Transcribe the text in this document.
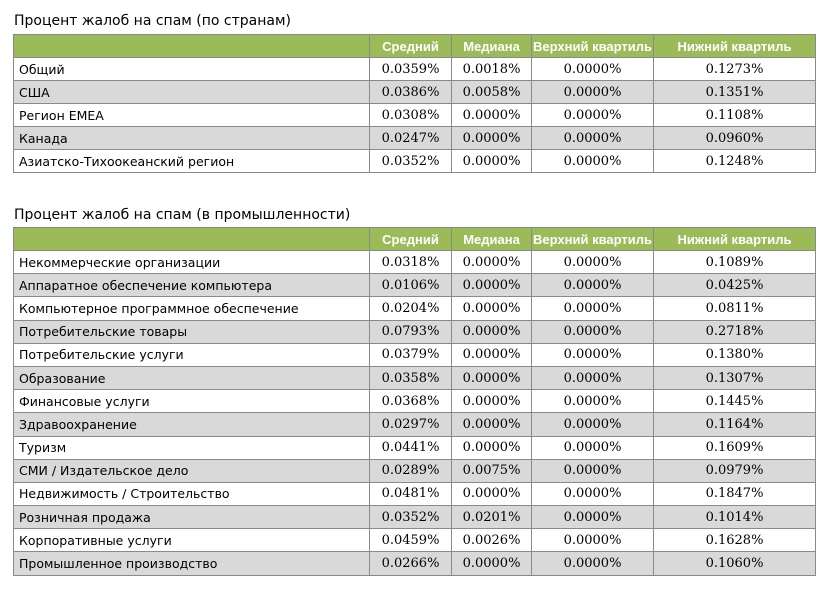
Процент жалоб на спам (по странам)
	Средний	Медиана	Верхний квартиль	Нижний квартиль
Общий	0.0359%	0.0018%	0.0000%	0.1273%
США	0.0386%	0.0058%	0.0000%	0.1351%
Регион EMEA	0.0308%	0.0000%	0.0000%	0.1108%
Канада	0.0247%	0.0000%	0.0000%	0.0960%
Азиатско-Тихоокеанский регион	0.0352%	0.0000%	0.0000%	0.1248%
Процент жалоб на спам (в промышленности)
	Средний	Медиана	Верхний квартиль	Нижний квартиль
Некоммерческие организации	0.0318%	0.0000%	0.0000%	0.1089%
Аппаратное обеспечение компьютера	0.0106%	0.0000%	0.0000%	0.0425%
Компьютерное программное обеспечение	0.0204%	0.0000%	0.0000%	0.0811%
Потребительские товары	0.0793%	0.0000%	0.0000%	0.2718%
Потребительские услуги	0.0379%	0.0000%	0.0000%	0.1380%
Образование	0.0358%	0.0000%	0.0000%	0.1307%
Финансовые услуги	0.0368%	0.0000%	0.0000%	0.1445%
Здравоохранение	0.0297%	0.0000%	0.0000%	0.1164%
Туризм	0.0441%	0.0000%	0.0000%	0.1609%
СМИ / Издательское дело	0.0289%	0.0075%	0.0000%	0.0979%
Недвижимость / Строительство	0.0481%	0.0000%	0.0000%	0.1847%
Розничная продажа	0.0352%	0.0201%	0.0000%	0.1014%
Корпоративные услуги	0.0459%	0.0026%	0.0000%	0.1628%
Промышленное производство	0.0266%	0.0000%	0.0000%	0.1060%
